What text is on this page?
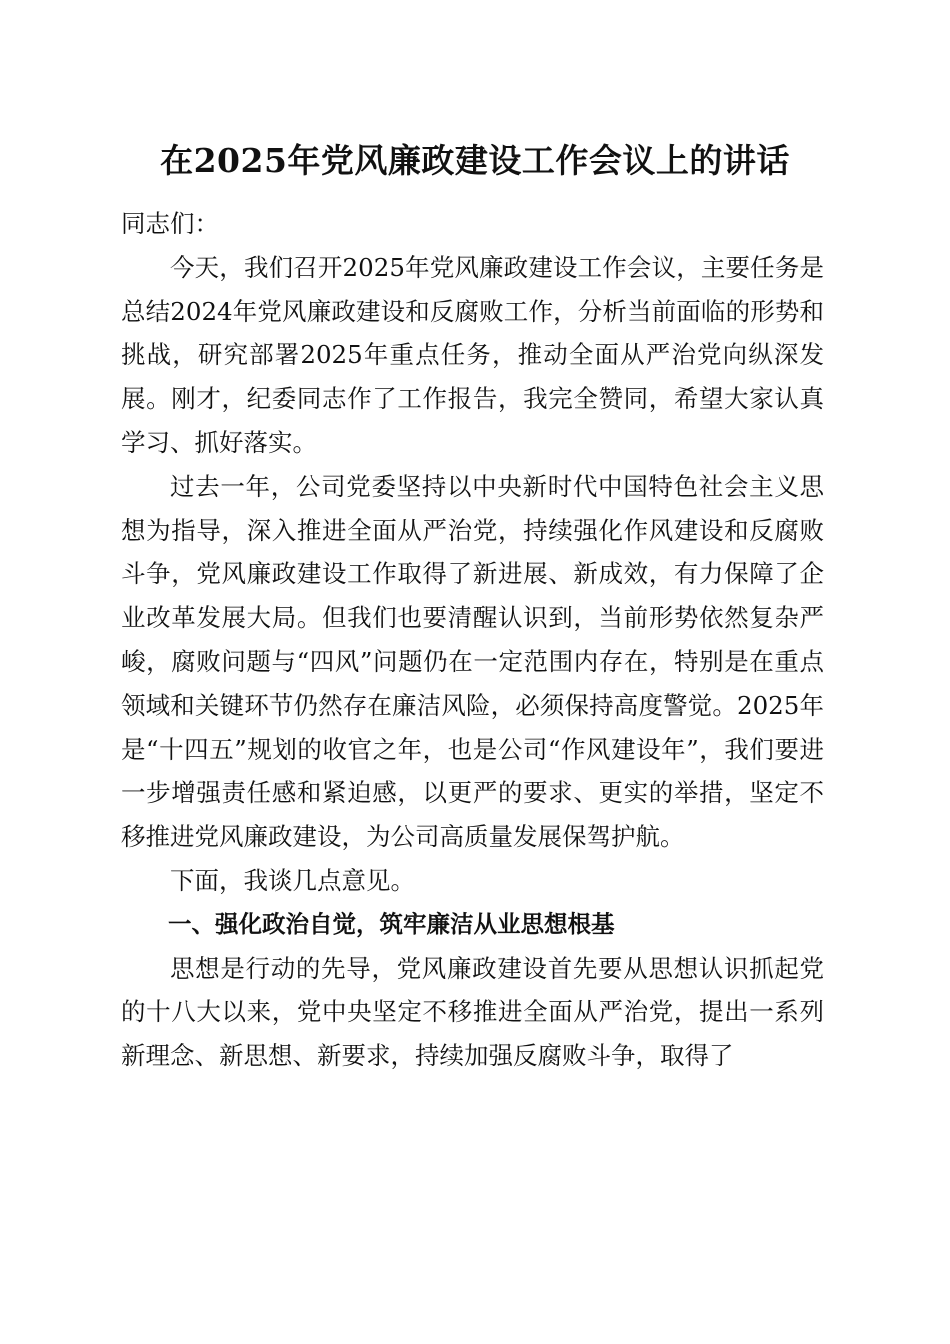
在2025年党风廉政建设工作会议上的讲话

同志们：

今天，我们召开2025年党风廉政建设工作会议，主要任务是总结2024年党风廉政建设和反腐败工作，分析当前面临的形势和挑战，研究部署2025年重点任务，推动全面从严治党向纵深发展。刚才，纪委同志作了工作报告，我完全赞同，希望大家认真学习、抓好落实。

过去一年，公司党委坚持以中央新时代中国特色社会主义思想为指导，深入推进全面从严治党，持续强化作风建设和反腐败斗争，党风廉政建设工作取得了新进展、新成效，有力保障了企业改革发展大局。但我们也要清醒认识到，当前形势依然复杂严峻，腐败问题与“四风”问题仍在一定范围内存在，特别是在重点领域和关键环节仍然存在廉洁风险，必须保持高度警觉。2025年是“十四五”规划的收官之年，也是公司“作风建设年”，我们要进一步增强责任感和紧迫感，以更严的要求、更实的举措，坚定不移推进党风廉政建设，为公司高质量发展保驾护航。

下面，我谈几点意见。

一、强化政治自觉，筑牢廉洁从业思想根基

思想是行动的先导，党风廉政建设首先要从思想认识抓起党的十八大以来，党中央坚定不移推进全面从严治党，提出一系列新理念、新思想、新要求，持续加强反腐败斗争，取得了
